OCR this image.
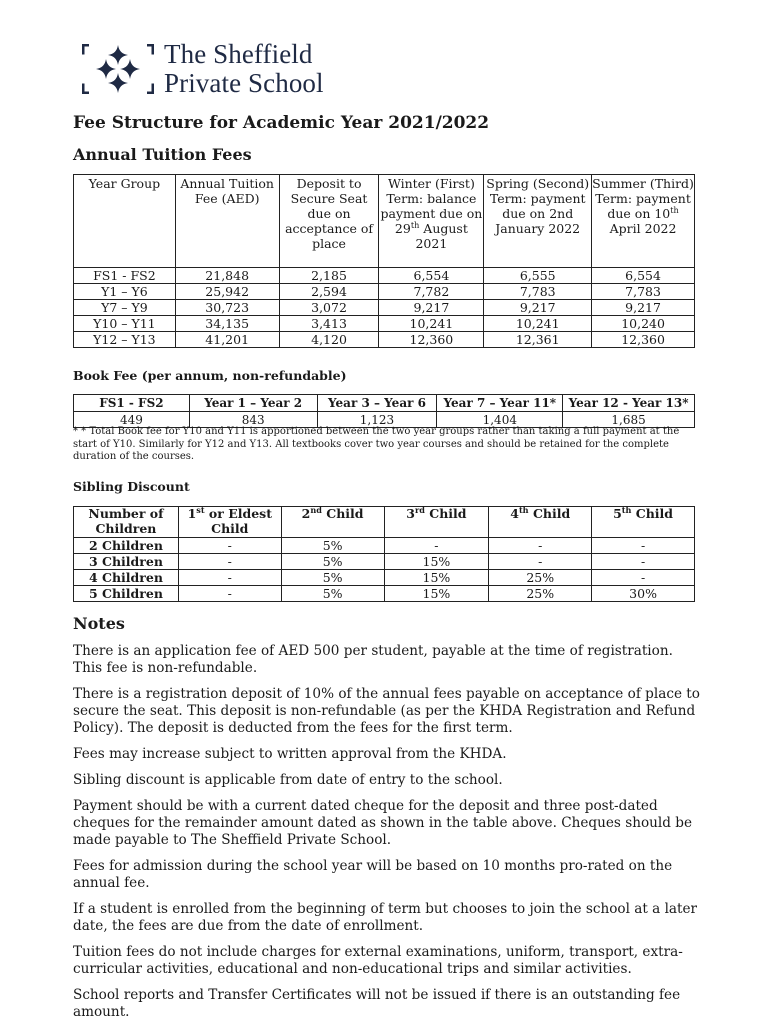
The Sheffield
Private School
Fee Structure for Academic Year 2021/2022
Annual Tuition Fees
Year Group	Annual Tuition Fee (AED)	Deposit to Secure Seat due on acceptance of place	Winter (First) Term: balance payment due on 29th August 2021	Spring (Second) Term: payment due on 2nd January 2022	Summer (Third) Term: payment due on 10th April 2022
FS1 - FS2	21,848	2,185	6,554	6,555	6,554
Y1 – Y6	25,942	2,594	7,782	7,783	7,783
Y7 – Y9	30,723	3,072	9,217	9,217	9,217
Y10 – Y11	34,135	3,413	10,241	10,241	10,240
Y12 – Y13	41,201	4,120	12,360	12,361	12,360
Book Fee (per annum, non-refundable)
FS1 - FS2	Year 1 – Year 2	Year 3 – Year 6	Year 7 – Year 11*	Year 12 - Year 13*
449	843	1,123	1,404	1,685
* * Total Book fee for Y10 and Y11 is apportioned between the two year groups rather than taking a full payment at the start of Y10. Similarly for Y12 and Y13. All textbooks cover two year courses and should be retained for the complete duration of the courses.
Sibling Discount
Number of Children	1st or Eldest Child	2nd Child	3rd Child	4th Child	5th Child
2 Children	-	5%	-	-	-
3 Children	-	5%	15%	-	-
4 Children	-	5%	15%	25%	-
5 Children	-	5%	15%	25%	30%
Notes

There is an application fee of AED 500 per student, payable at the time of registration. This fee is non-refundable.

There is a registration deposit of 10% of the annual fees payable on acceptance of place to secure the seat. This deposit is non-refundable (as per the KHDA Registration and Refund Policy). The deposit is deducted from the fees for the first term.

Fees may increase subject to written approval from the KHDA.

Sibling discount is applicable from date of entry to the school.

Payment should be with a current dated cheque for the deposit and three post-dated cheques for the remainder amount dated as shown in the table above. Cheques should be made payable to The Sheffield Private School.

Fees for admission during the school year will be based on 10 months pro-rated on the annual fee.

If a student is enrolled from the beginning of term but chooses to join the school at a later date, the fees are due from the date of enrollment.

Tuition fees do not include charges for external examinations, uniform, transport, extra-curricular activities, educational and non-educational trips and similar activities.

School reports and Transfer Certificates will not be issued if there is an outstanding fee amount.
